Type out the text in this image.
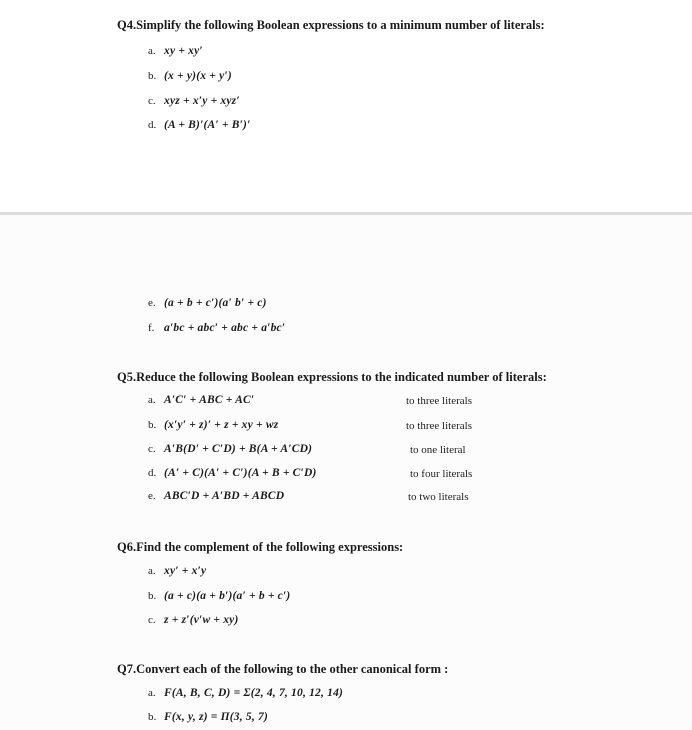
Q4.Simplify the following Boolean expressions to a minimum number of literals:
a. xy + xy′
b. (x + y)(x + y′)
c. xyz + x′y + xyz′
d. (A + B)′(A′ + B′)′
e. (a + b + c′)(a′ b′ + c)
f. a′bc + abc′ + abc + a′bc′
Q5.Reduce the following Boolean expressions to the indicated number of literals:
a. A′C′ + ABC + AC′	to three literals
b. (x′y′ + z)′ + z + xy + wz	to three literals
c. A′B(D′ + C′D) + B(A + A′CD)	to one literal
d. (A′ + C)(A′ + C′)(A + B + C′D)	to four literals
e. ABC′D + A′BD + ABCD	to two literals
Q6.Find the complement of the following expressions:
a. xy′ + x′y
b. (a + c)(a + b′)(a′ + b + c′)
c. z + z′(v′w + xy)
Q7.Convert each of the following to the other canonical form :
a. F(A, B, C, D) = Σ(2, 4, 7, 10, 12, 14)
b. F(x, y, z) = Π(3, 5, 7)
